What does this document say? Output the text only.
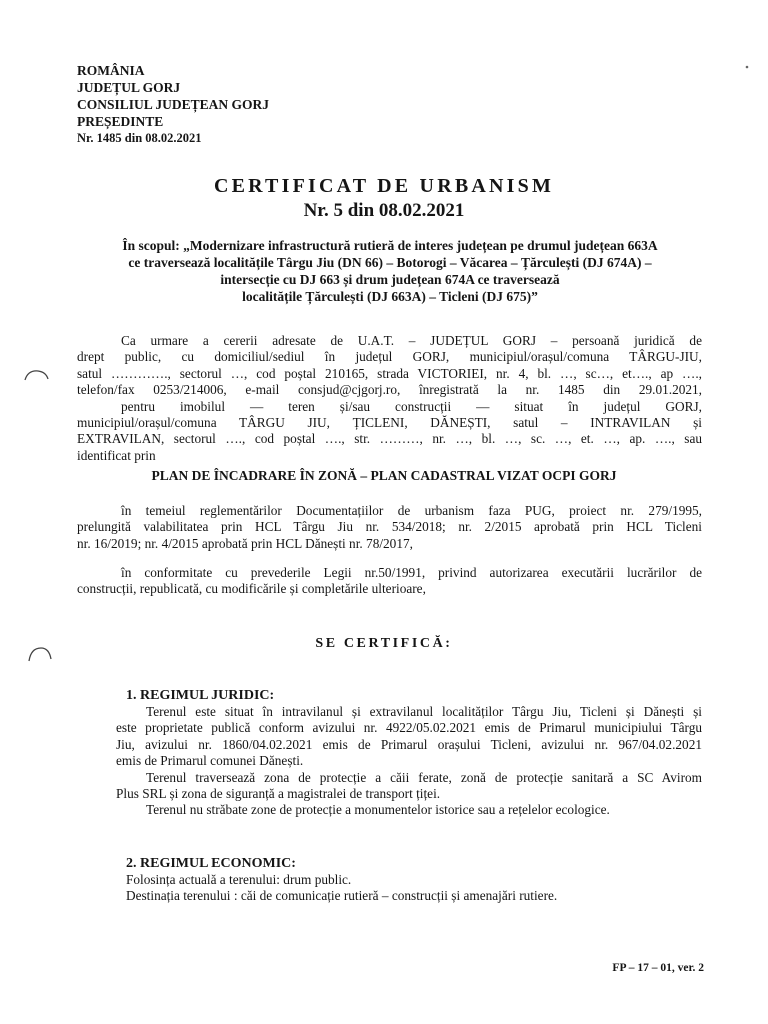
ROMÂNIA
JUDEȚUL GORJ
CONSILIUL JUDEȚEAN GORJ
PREȘEDINTE
Nr. 1485 din 08.02.2021
CERTIFICAT DE URBANISM
Nr. 5 din 08.02.2021
În scopul: „Modernizare infrastructură rutieră de interes județean pe drumul județean 663A
ce traversează localitățile Târgu Jiu (DN 66) – Botorogi – Văcarea – Țărculești (DJ 674A) –
intersecție cu DJ 663 și drum județean 674A ce traversează
localitățile Țărculești (DJ 663A) – Ticleni (DJ 675)”
Ca urmare a cererii adresate de U.A.T. – JUDEȚUL GORJ – persoană juridică de
drept public, cu domiciliul/sediul în județul GORJ, municipiul/orașul/comuna TÂRGU-JIU,
satul …………., sectorul …, cod poștal 210165, strada VICTORIEI, nr. 4, bl. …, sc…, et…., ap ….,
telefon/fax 0253/214006, e-mail consjud@cjgorj.ro, înregistrată la nr. 1485 din 29.01.2021,
pentru imobilul — teren și/sau construcții — situat în județul GORJ,
municipiul/orașul/comuna TÂRGU JIU, ȚICLENI, DĂNEȘTI, satul – INTRAVILAN și
EXTRAVILAN, sectorul …., cod poștal …., str. ………, nr. …, bl. …, sc. …, et. …, ap. …., sau
identificat prin
PLAN DE ÎNCADRARE ÎN ZONĂ – PLAN CADASTRAL VIZAT OCPI GORJ
în temeiul reglementărilor Documentațiilor de urbanism faza PUG, proiect nr. 279/1995,
prelungită valabilitatea prin HCL Târgu Jiu nr. 534/2018; nr. 2/2015 aprobată prin HCL Ticleni
nr. 16/2019; nr. 4/2015 aprobată prin HCL Dănești nr. 78/2017,
în conformitate cu prevederile Legii nr.50/1991, privind autorizarea executării lucrărilor de
construcții, republicată, cu modificările și completările ulterioare,
SE CERTIFICĂ:
1. REGIMUL JURIDIC:
Terenul este situat în intravilanul și extravilanul localităților Târgu Jiu, Ticleni și Dănești și
este proprietate publică conform avizului nr. 4922/05.02.2021 emis de Primarul municipiului Târgu
Jiu, avizului nr. 1860/04.02.2021 emis de Primarul orașului Ticleni, avizului nr. 967/04.02.2021
emis de Primarul comunei Dănești.
Terenul traversează zona de protecție a căii ferate, zonă de protecție sanitară a SC Avirom
Plus SRL și zona de siguranță a magistralei de transport țiței.
Terenul nu străbate zone de protecție a monumentelor istorice sau a rețelelor ecologice.
2. REGIMUL ECONOMIC:
Folosința actuală a terenului: drum public.
Destinația terenului : căi de comunicație rutieră – construcții și amenajări rutiere.
FP – 17 – 01, ver. 2
